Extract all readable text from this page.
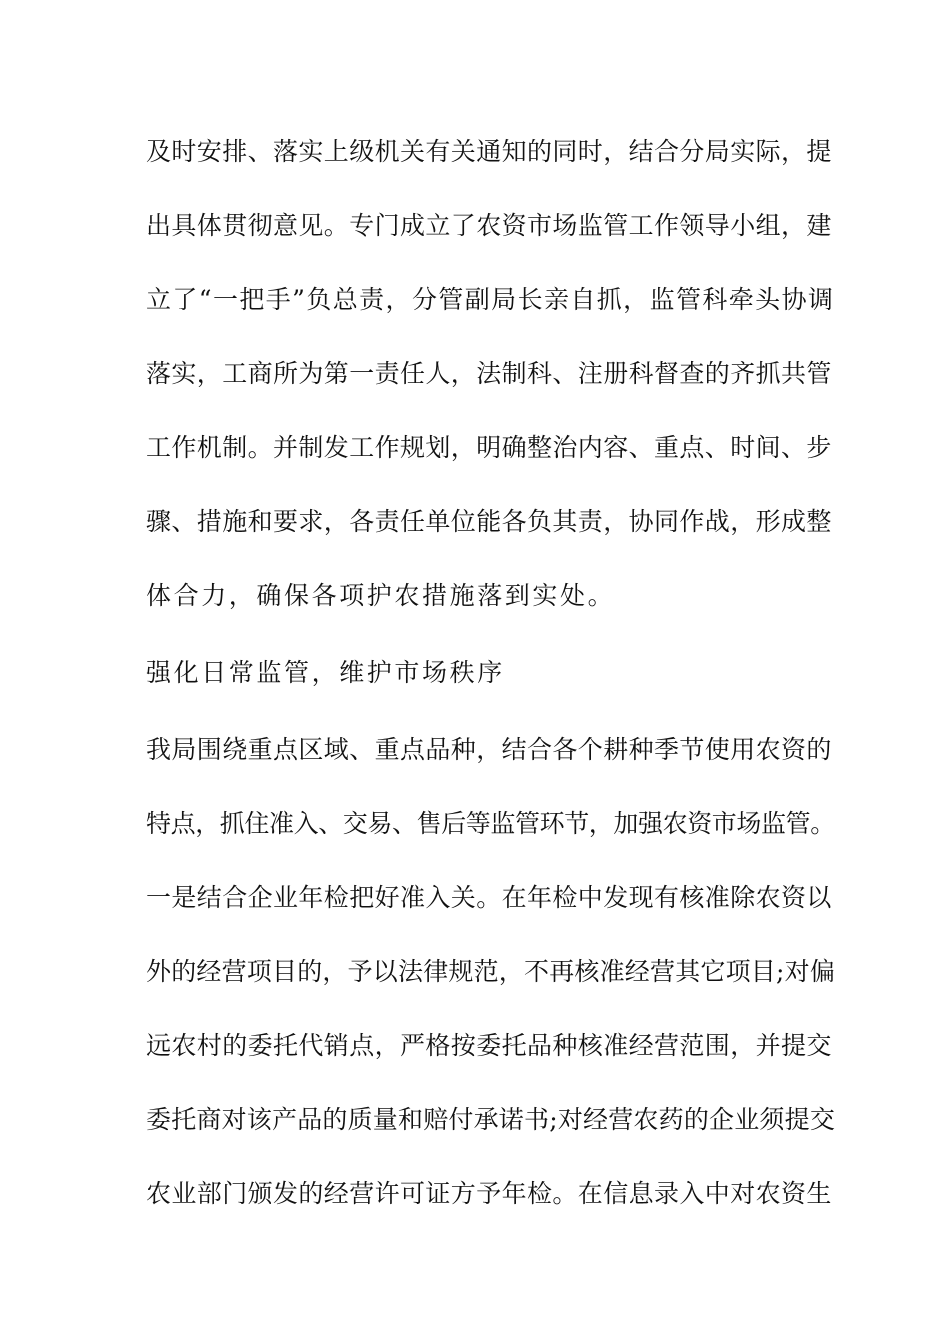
及时安排、落实上级机关有关通知的同时，结合分局实际，提
出具体贯彻意见。专门成立了农资市场监管工作领导小组，建
立了“一把手”负总责，分管副局长亲自抓，监管科牵头协调
落实，工商所为第一责任人，法制科、注册科督查的齐抓共管
工作机制。并制发工作规划，明确整治内容、重点、时间、步
骤、措施和要求，各责任单位能各负其责，协同作战，形成整
体合力，确保各项护农措施落到实处。
强化日常监管，维护市场秩序
我局围绕重点区域、重点品种，结合各个耕种季节使用农资的
特点，抓住准入、交易、售后等监管环节，加强农资市场监管。
一是结合企业年检把好准入关。在年检中发现有核准除农资以
外的经营项目的，予以法律规范，不再核准经营其它项目;对偏
远农村的委托代销点，严格按委托品种核准经营范围，并提交
委托商对该产品的质量和赔付承诺书;对经营农药的企业须提交
农业部门颁发的经营许可证方予年检。在信息录入中对农资生
